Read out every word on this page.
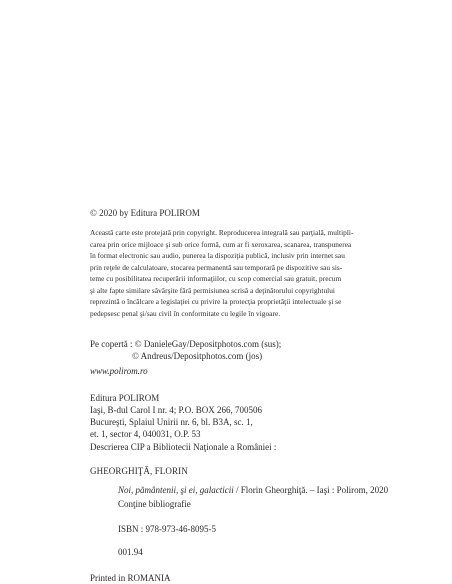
© 2020 by Editura POLIROM
Această carte este protejată prin copyright. Reproducerea integrală sau parţială, multipli-
carea prin orice mijloace şi sub orice formă, cum ar fi xeroxarea, scanarea, transpunerea
în format electronic sau audio, punerea la dispoziţia publică, inclusiv prin internet sau
prin reţele de calculatoare, stocarea permanentă sau temporară pe dispozitive sau sis-
teme cu posibilitatea recuperării informaţiilor, cu scop comercial sau gratuit, precum
şi alte fapte similare săvârşite fără permisiunea scrisă a deţinătorului copyrightului
reprezintă o încălcare a legislaţiei cu privire la protecţia proprietăţii intelectuale şi se
pedepsesc penal şi/sau civil în conformitate cu legile în vigoare.
Pe copertă : © DanieleGay/Depositphotos.com (sus);
© Andreus/Depositphotos.com (jos)
www.polirom.ro
Editura POLIROM
Iaşi, B-dul Carol I nr. 4; P.O. BOX 266, 700506
Bucureşti, Splaiul Unirii nr. 6, bl. B3A, sc. 1,
et. 1, sector 4, 040031, O.P. 53
Descrierea CIP a Bibliotecii Naţionale a României :
GHEORGHIŢĂ, FLORIN
Noi, pământenii, şi ei, galacticii / Florin Gheorghiţă. – Iaşi : Polirom, 2020
Conţine bibliografie
ISBN : 978-973-46-8095-5
001.94
Printed in ROMANIA
